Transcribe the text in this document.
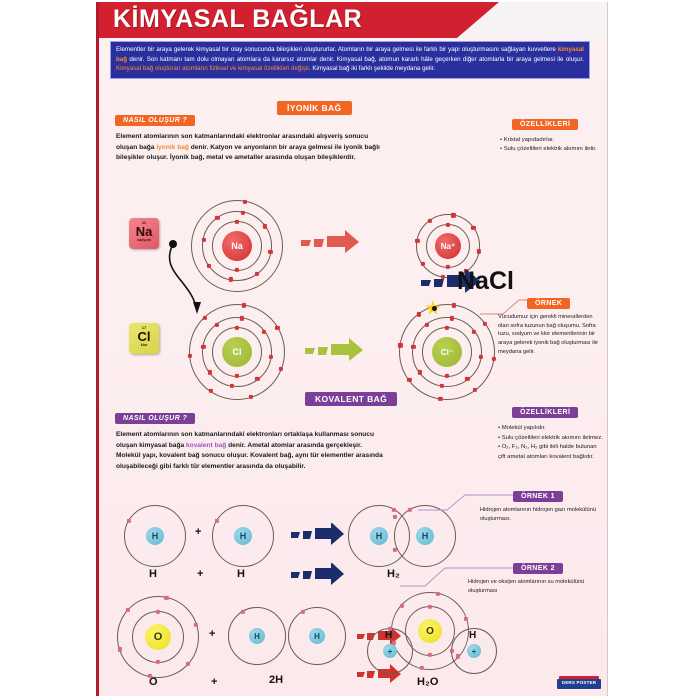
KİMYASAL BAĞLAR
Elementler bir araya gelerek kimyasal bir olay sonucunda bileşikleri oluştururlar. Atomların bir araya gelmesi ile farklı bir yapı oluşturmasını sağlayan kuvvetlere kimyasal bağ denir. Son katmanı tam dolu olmayan atomlara da kararsız atomlar denir. Kimyasal bağ, atomun kararlı hâle geçerken diğer atomlarla bir araya gelmesi ile oluşur. Kimyasal bağ oluşturan atomların fiziksel ve kimyasal özellikleri değişir. Kimyasal bağ iki farklı şekilde meydana gelir.
İYONİK BAĞ
NASIL OLUŞUR ?
Element atomlarının son katmanlarındaki elektronlar arasındaki alışveriş sonucu oluşan bağa iyonik bağ denir. Katyon ve anyonların bir araya gelmesi ile iyonik bağlı bileşikler oluşur. İyonik bağ, metal ve ametaller arasında oluşan bileşiklerdir.
ÖZELLİKLERİ
• Kristal yapıdadırlar.
• Sulu çözeltileri elektrik akımını iletir.
11
Na
sodyum
17
Cl
klor
Na	Na⁺
Cl	Cl⁻
NaCl
ÖRNEK
Vücudumuz için gerekli minerallerden olan sofra tuzunun bağ oluşumu. Sofra tuzu, sodyum ve klor elementlerinin bir araya gelerek iyonik bağ oluşturması ile meydana gelir.
KOVALENT BAĞ
NASIL OLUŞUR ?
Element atomlarının son katmanlarındaki elektronları ortaklaşa kullanması sonucu oluşan kimyasal bağa kovalent bağ denir. Ametal atomlar arasında gerçekleşir. Molekül yapı, kovalent bağ sonucu oluşur. Kovalent bağ, aynı tür elementler arasında oluşabileceği gibi farklı tür elementler arasında da oluşabilir.
ÖZELLİKLERİ
• Molekül yapılıdır.
• Sulu çözeltileri elektrik akımını iletmez.
• O₂, F₂, N₂, H₂ gibi ikili halde bulunan çift ametal atomları kovalent bağlıdır.
H	+	H	H	H
H	+	H	H₂
ÖRNEK 1
Hidrojen atomlarının hidrojen gazı molekülünü oluşturması.
ÖRNEK 2
Hidrojen ve oksijen atomlarının su molekülünü oluşturması
O	+	H	H	O
+	+
O	+	2H	H₂O	DERS POSTER
H	H
